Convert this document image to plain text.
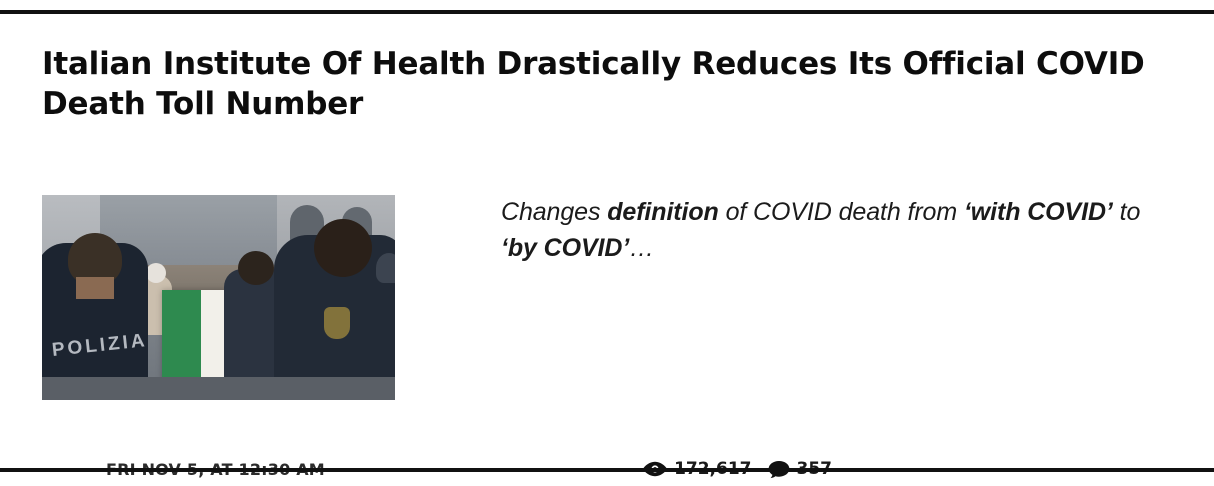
Italian Institute Of Health Drastically Reduces Its Official COVID Death Toll Number
POLIZIA

Changes definition of COVID death from ‘with COVID’ to ‘by COVID’…
